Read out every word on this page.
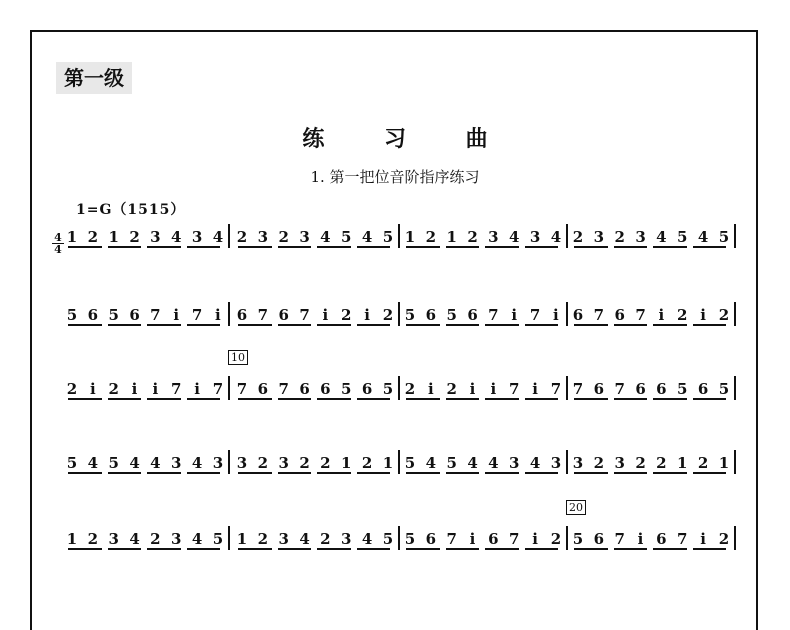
第一级
练 习 曲
1. 第一把位音阶指序练习
1=G（1515）
4
4
1 2 1 2 3 4 3 4 2 3 2 3 4 5 4 5 1 2 1 2 3 4 3 4 2 3 2 3 4 5 4 5
5 6 5 6 7 i 7 i 6 7 6 7 i 2 i 2 5 6 5 6 7 i 7 i 6 7 6 7 i 2 i 2
10
2 i 2 i i 7 i 7 7 6 7 6 6 5 6 5 2 i 2 i i 7 i 7 7 6 7 6 6 5 6 5
5 4 5 4 4 3 4 3 3 2 3 2 2 1 2 1 5 4 5 4 4 3 4 3 3 2 3 2 2 1 2 1
20
1 2 3 4 2 3 4 5 1 2 3 4 2 3 4 5 5 6 7 i 6 7 i 2 5 6 7 i 6 7 i 2
